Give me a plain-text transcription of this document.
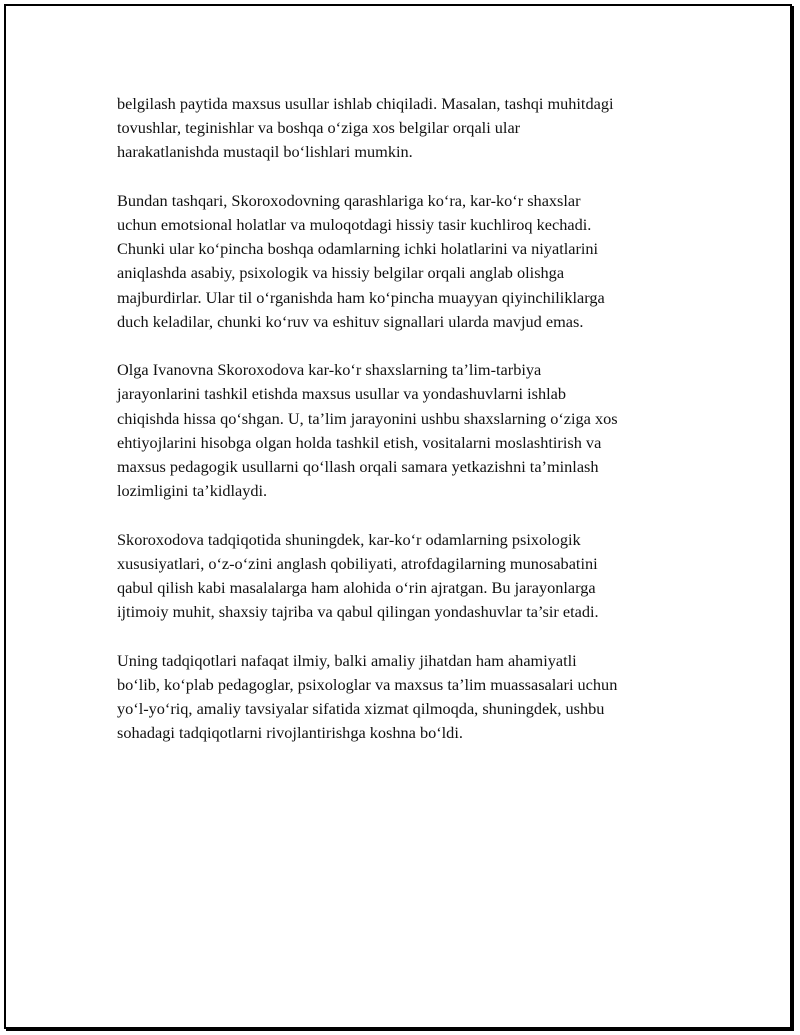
belgilash paytida maxsus usullar ishlab chiqiladi. Masalan, tashqi muhitdagi
tovushlar, teginishlar va boshqa o‘ziga xos belgilar orqali ular
harakatlanishda mustaqil bo‘lishlari mumkin.

Bundan tashqari, Skoroxodovning qarashlariga ko‘ra, kar-ko‘r shaxslar
uchun emotsional holatlar va muloqotdagi hissiy tasir kuchliroq kechadi.
Chunki ular ko‘pincha boshqa odamlarning ichki holatlarini va niyatlarini
aniqlashda asabiy, psixologik va hissiy belgilar orqali anglab olishga
majburdirlar. Ular til o‘rganishda ham ko‘pincha muayyan qiyinchiliklarga
duch keladilar, chunki ko‘ruv va eshituv signallari ularda mavjud emas.

Olga Ivanovna Skoroxodova kar-ko‘r shaxslarning ta’lim-tarbiya
jarayonlarini tashkil etishda maxsus usullar va yondashuvlarni ishlab
chiqishda hissa qo‘shgan. U, ta’lim jarayonini ushbu shaxslarning o‘ziga xos
ehtiyojlarini hisobga olgan holda tashkil etish, vositalarni moslashtirish va
maxsus pedagogik usullarni qo‘llash orqali samara yetkazishni ta’minlash
lozimligini ta’kidlaydi.

Skoroxodova tadqiqotida shuningdek, kar-ko‘r odamlarning psixologik
xususiyatlari, o‘z-o‘zini anglash qobiliyati, atrofdagilarning munosabatini
qabul qilish kabi masalalarga ham alohida o‘rin ajratgan. Bu jarayonlarga
ijtimoiy muhit, shaxsiy tajriba va qabul qilingan yondashuvlar ta’sir etadi.

Uning tadqiqotlari nafaqat ilmiy, balki amaliy jihatdan ham ahamiyatli
bo‘lib, ko‘plab pedagoglar, psixologlar va maxsus ta’lim muassasalari uchun
yo‘l-yo‘riq, amaliy tavsiyalar sifatida xizmat qilmoqda, shuningdek, ushbu
sohadagi tadqiqotlarni rivojlantirishga koshna bo‘ldi.
